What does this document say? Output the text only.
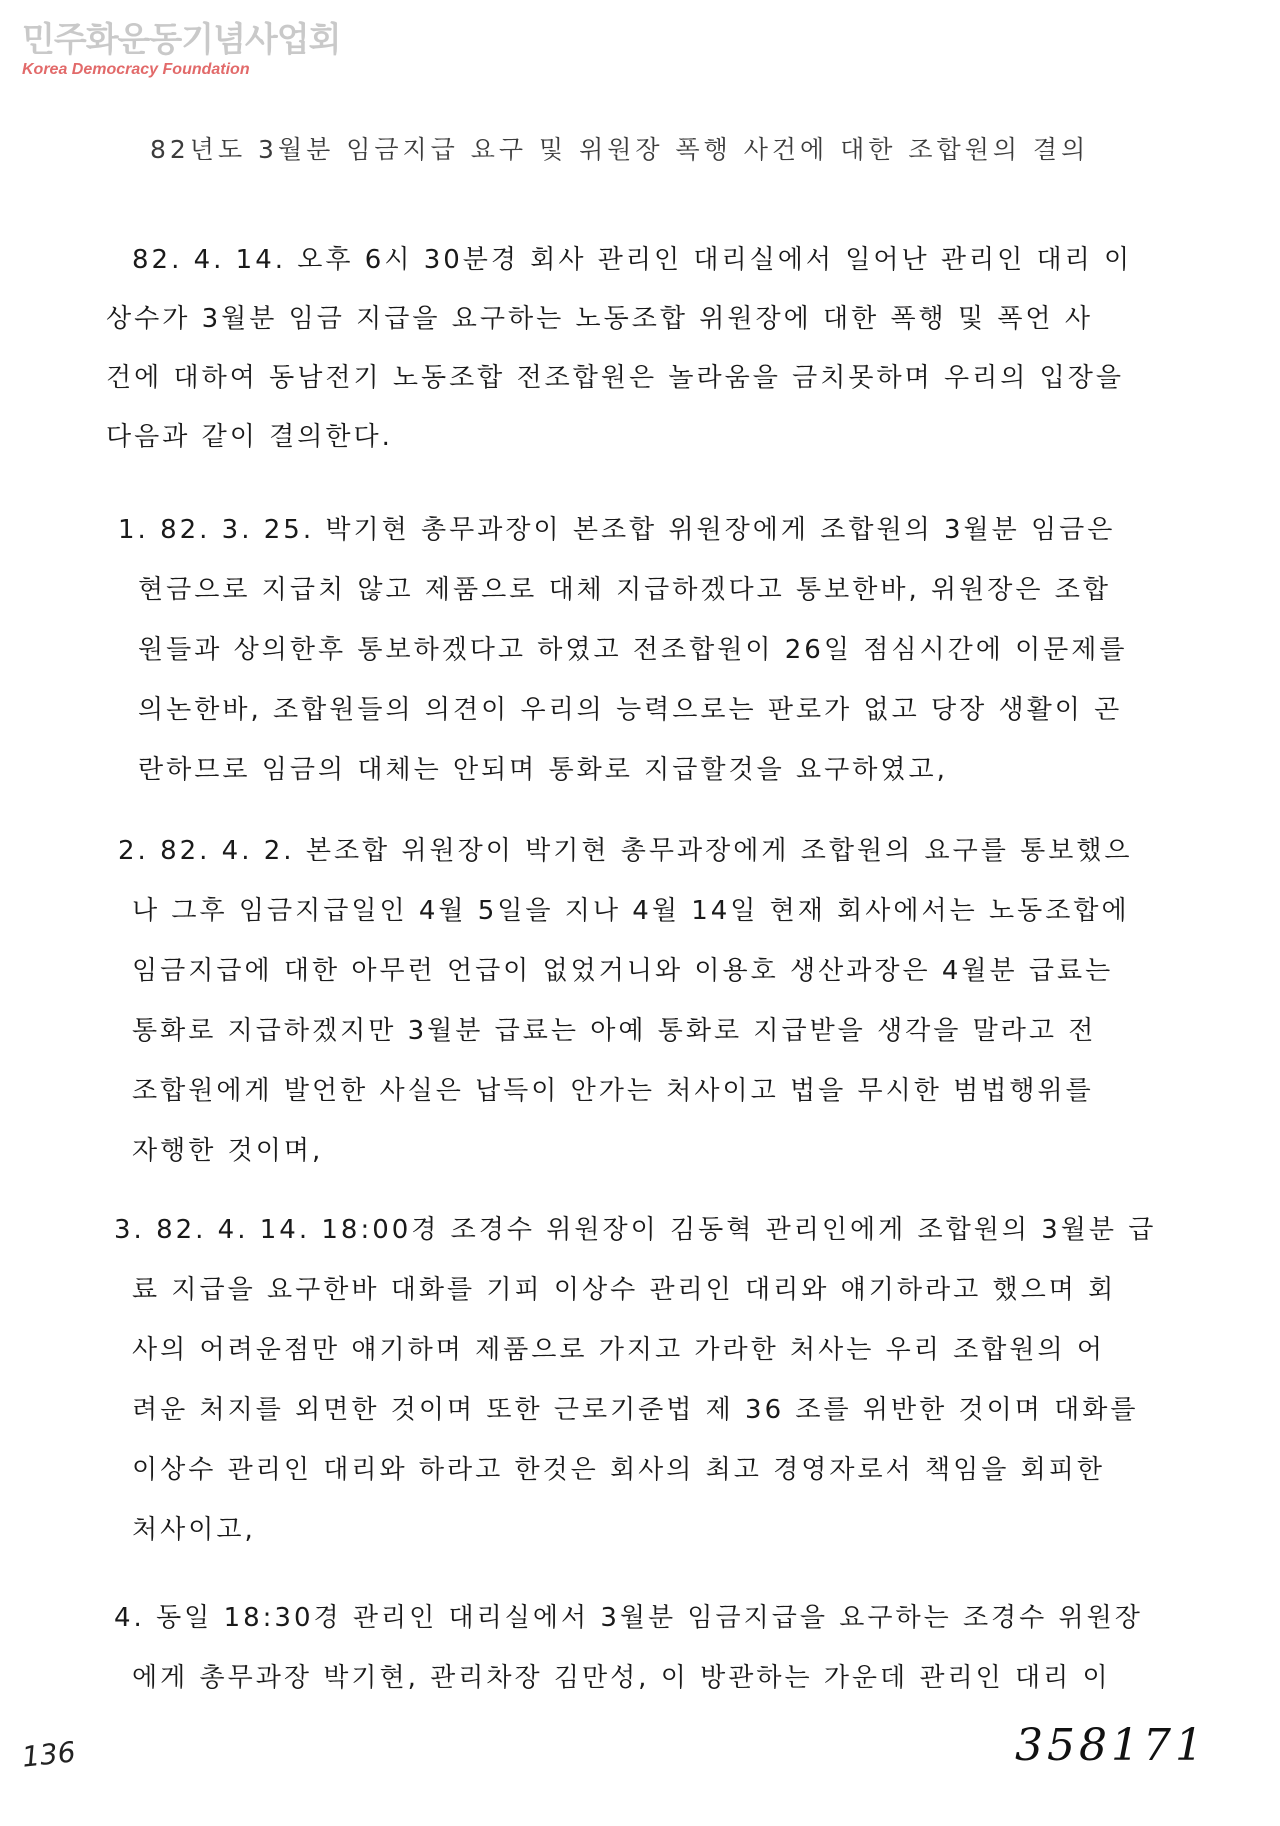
민주화운동기념사업회
Korea Democracy Foundation
82년도 3월분 임금지급 요구 및 위원장 폭행 사건에 대한 조합원의 결의
82. 4. 14. 오후 6시 30분경 회사 관리인 대리실에서 일어난 관리인 대리 이
상수가 3월분 임금 지급을 요구하는 노동조합 위원장에 대한 폭행 및 폭언 사
건에 대하여 동남전기 노동조합 전조합원은 놀라움을 금치못하며 우리의 입장을
다음과 같이 결의한다.
1. 82. 3. 25. 박기현 총무과장이 본조합 위원장에게 조합원의 3월분 임금은
현금으로 지급치 않고 제품으로 대체 지급하겠다고 통보한바, 위원장은 조합
원들과 상의한후 통보하겠다고 하였고 전조합원이 26일 점심시간에 이문제를
의논한바, 조합원들의 의견이 우리의 능력으로는 판로가 없고 당장 생활이 곤
란하므로 임금의 대체는 안되며 통화로 지급할것을 요구하였고,
2. 82. 4. 2. 본조합 위원장이 박기현 총무과장에게 조합원의 요구를 통보했으
나 그후 임금지급일인 4월 5일을 지나 4월 14일 현재 회사에서는 노동조합에
임금지급에 대한 아무런 언급이 없었거니와 이용호 생산과장은 4월분 급료는
통화로 지급하겠지만 3월분 급료는 아예 통화로 지급받을 생각을 말라고 전
조합원에게 발언한 사실은 납득이 안가는 처사이고 법을 무시한 범법행위를
자행한 것이며,
3. 82. 4. 14. 18:00경 조경수 위원장이 김동혁 관리인에게 조합원의 3월분 급
료 지급을 요구한바 대화를 기피 이상수 관리인 대리와 얘기하라고 했으며 회
사의 어려운점만 얘기하며 제품으로 가지고 가라한 처사는 우리 조합원의 어
려운 처지를 외면한 것이며 또한 근로기준법 제 36 조를 위반한 것이며 대화를
이상수 관리인 대리와 하라고 한것은 회사의 최고 경영자로서 책임을 회피한
처사이고,
4. 동일 18:30경 관리인 대리실에서 3월분 임금지급을 요구하는 조경수 위원장
에게 총무과장 박기현, 관리차장 김만성, 이 방관하는 가운데 관리인 대리 이
136	358171
